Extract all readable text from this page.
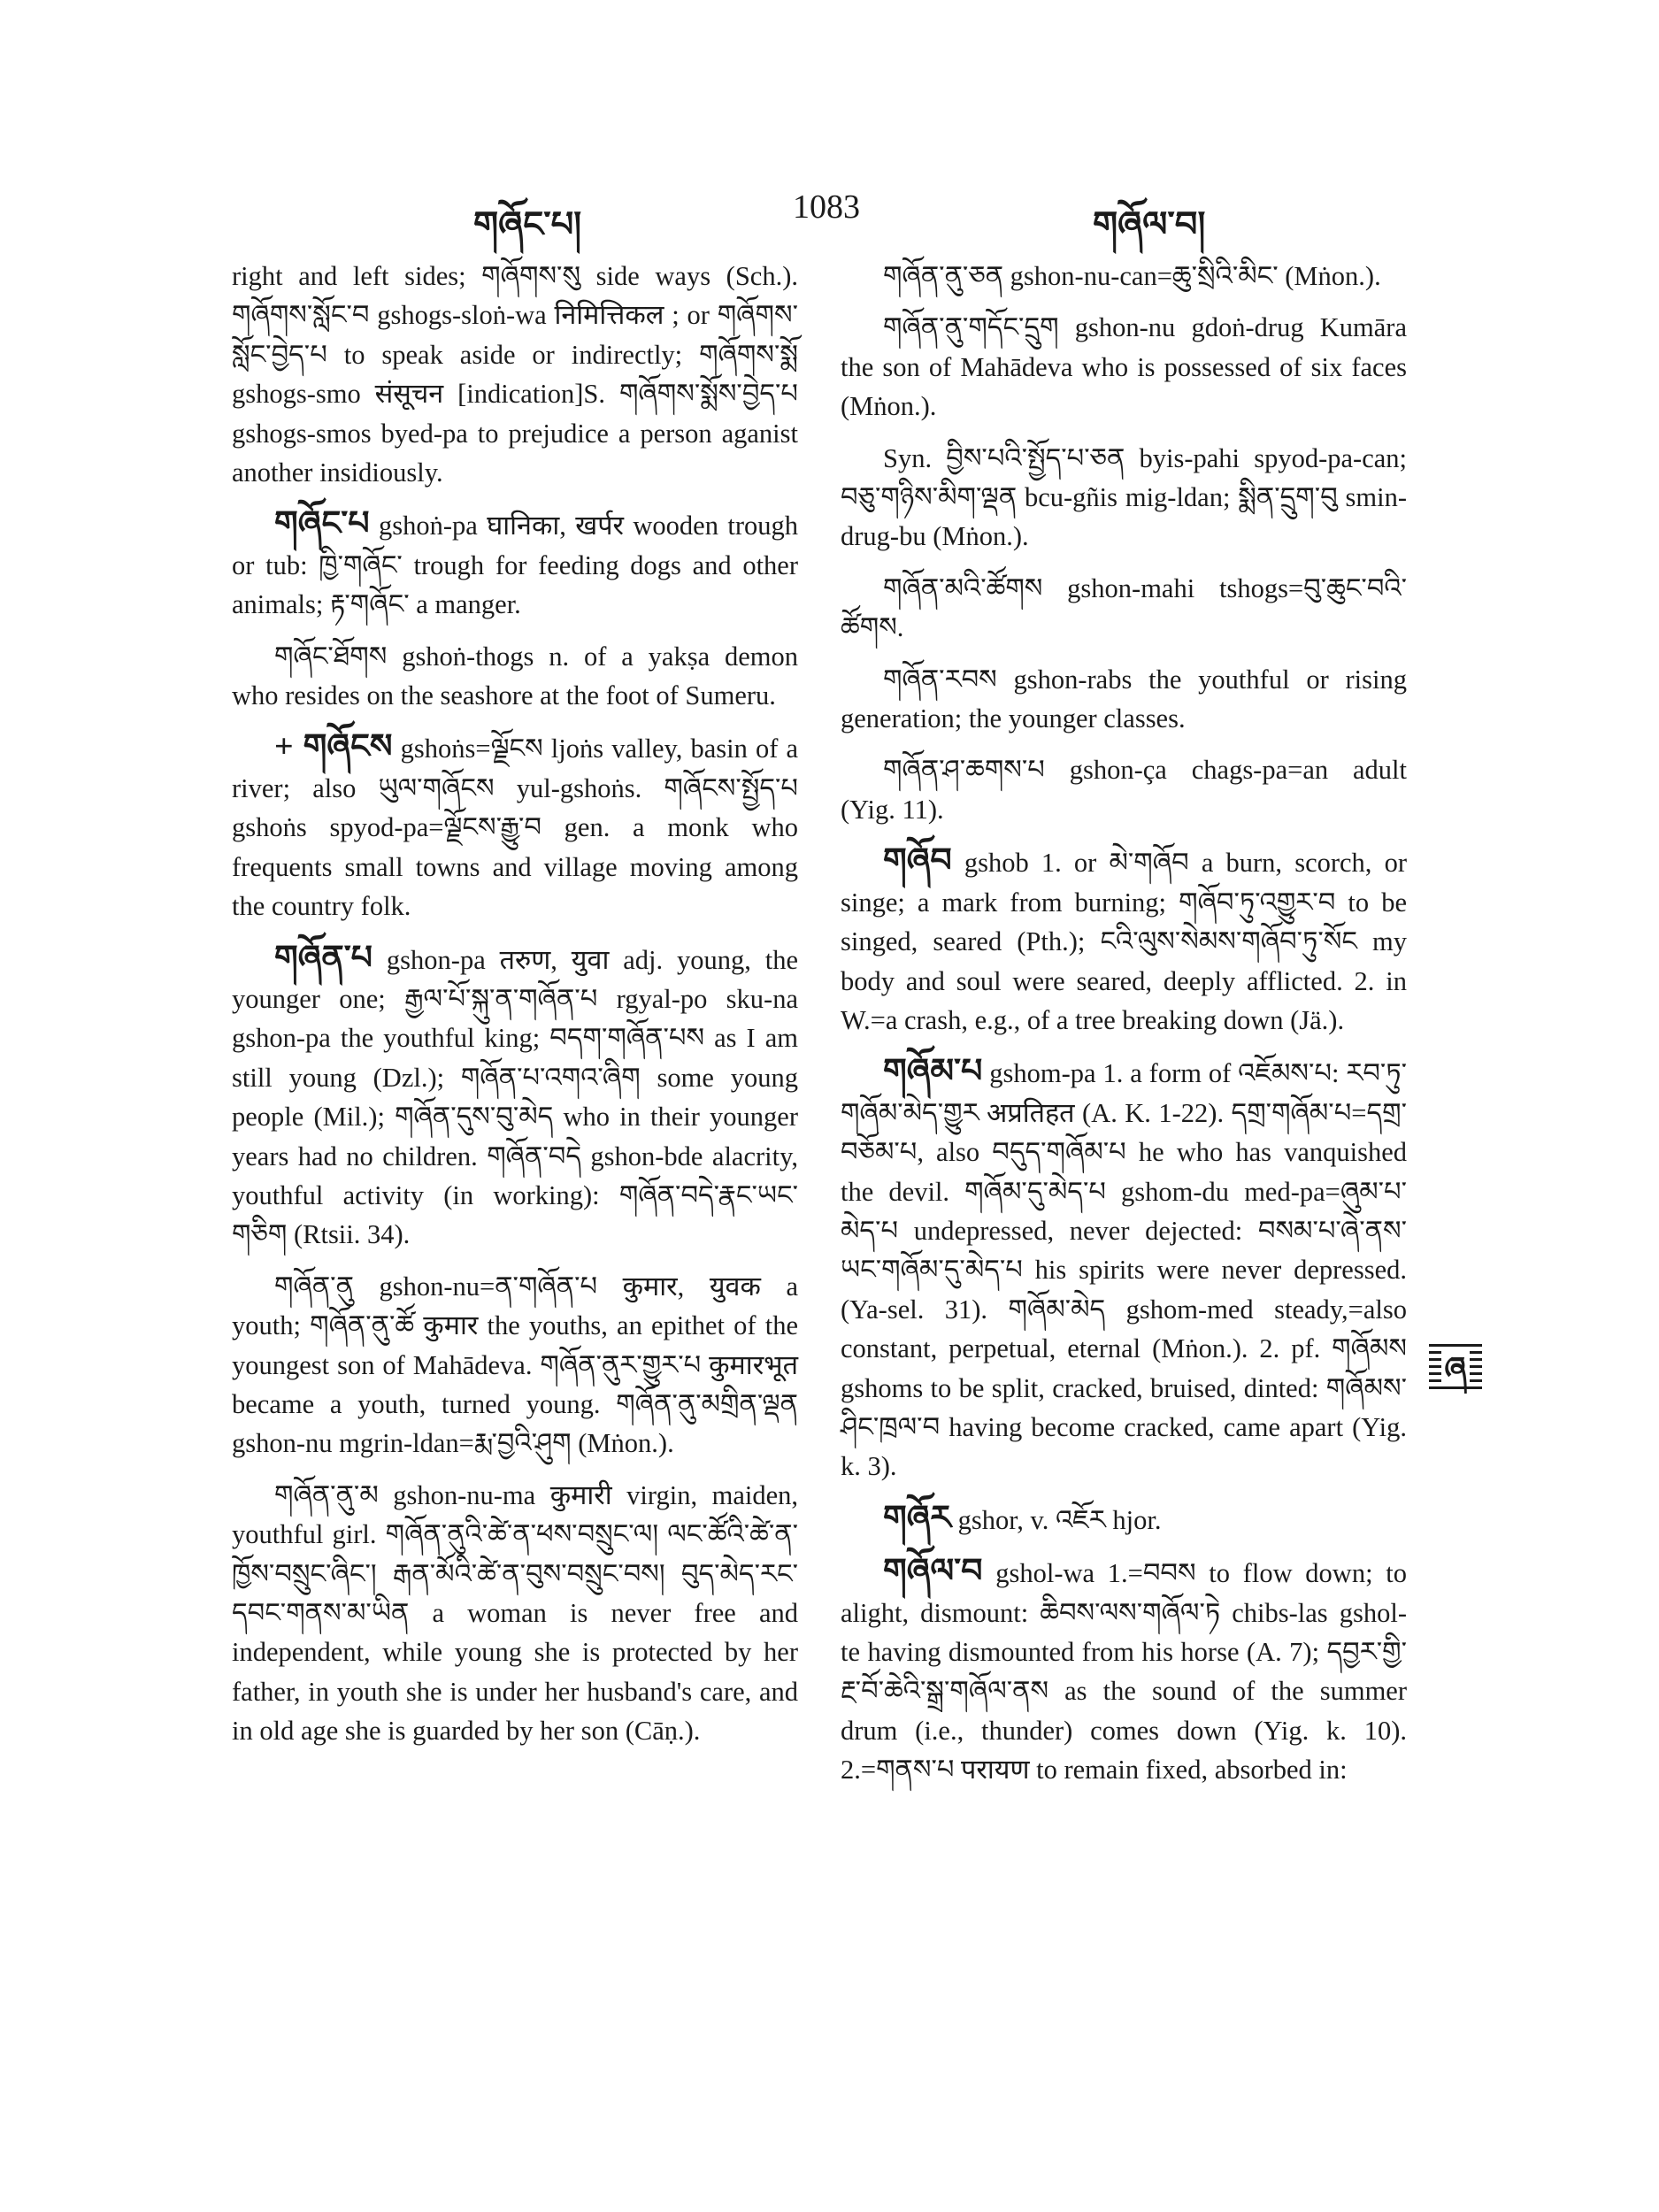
གཞོང་པ།	1083	གཞོལ་བ།

right and left sides; གཞོགས་སུ side ways (Sch.). གཞོགས་སློང་བ gshogs-sloṅ-wa निमित्तिकल ; or གཞོགས་སློང་བྱེད་པ to speak aside or indirectly; གཞོགས་སྨོ gshogs-smo संसूचन [indication]S. གཞོགས་སྨོས་བྱེད་པ gshogs-smos byed-pa to prejudice a person aganist another insidiously.

གཞོང་པ gshoṅ-pa घानिका, खर्पर wooden trough or tub: ཁྱི་གཞོང་ trough for feeding dogs and other animals; རྟ་གཞོང་ a manger.

གཞོང་ཐོགས gshoṅ-thogs n. of a yakṣa demon who resides on the seashore at the foot of Sumeru.

+ གཞོངས gshoṅs=ལྗོངས ljoṅs valley, basin of a river; also ཡུལ་གཞོངས yul-gshoṅs. གཞོངས་སྤྱོད་པ gshoṅs spyod-pa=ལྗོངས་རྒྱུ་བ gen. a monk who frequents small towns and village moving among the country folk.

གཞོན་པ gshon-pa तरुण, युवा adj. young, the younger one; རྒྱལ་པོ་སྐུ་ན་གཞོན་པ rgyal-po sku-na gshon-pa the youthful king; བདག་གཞོན་པས as I am still young (Dzl.); གཞོན་པ་འགའ་ཞིག some young people (Mil.); གཞོན་དུས་བུ་མེད who in their younger years had no children. གཞོན་བདེ gshon-bde alacrity, youthful activity (in working): གཞོན་བདེ་རྣང་ཡང་གཅིག (Rtsii. 34).

གཞོན་ནུ gshon-nu=ན་གཞོན་པ कुमार, युवक a youth; གཞོན་ནུ་ཚོ कुमार the youths, an epithet of the youngest son of Mahādeva. གཞོན་ནུར་གྱུར་པ कुमारभूत became a youth, turned young. གཞོན་ནུ་མགྲིན་ལྡན gshon-nu mgrin-ldan=རྨ་བྱའི་ཤུག (Mṅon.).

གཞོན་ནུ་མ gshon-nu-ma कुमारी virgin, maiden, youthful girl. གཞོན་ནུའི་ཚེ་ན་ཕས་བསྲུང་ལ། ལང་ཚོའི་ཚེ་ན་ཁྱོས་བསྲུང་ཞིང་། རྒན་མོའི་ཚེ་ན་བུས་བསྲུང་བས། བུད་མེད་རང་དབང་གནས་མ་ཡིན a woman is never free and independent, while young she is protected by her father, in youth she is under her husband's care, and in old age she is guarded by her son (Cāṇ.).

གཞོན་ནུ་ཅན gshon-nu-can=ཆུ་སྲིའི་མིང་ (Mṅon.).

གཞོན་ནུ་གདོང་དྲུག gshon-nu gdoṅ-drug Kumāra the son of Mahādeva who is possessed of six faces (Mṅon.).

Syn. བྱིས་པའི་སྤྱོད་པ་ཅན byis-pahi spyod-pa-can; བཅུ་གཉིས་མིག་ལྡན bcu-gñis mig-ldan; སྨིན་དྲུག་བུ smin-drug-bu (Mṅon.).

གཞོན་མའི་ཚོགས gshon-mahi tshogs=བུ་ཆུང་བའི་ཚོགས.

གཞོན་རབས gshon-rabs the youthful or rising generation; the younger classes.

གཞོན་ཤ་ཆགས་པ gshon-ça chags-pa=an adult (Yig. 11).

གཞོབ gshob 1. or མེ་གཞོབ a burn, scorch, or singe; a mark from burning; གཞོབ་ཏུ་འགྱུར་བ to be singed, seared (Pth.); ངའི་ལུས་སེམས་གཞོབ་ཏུ་སོང my body and soul were seared, deeply afflicted. 2. in W.=a crash, e.g., of a tree breaking down (Jä.).

གཞོམ་པ gshom-pa 1. a form of འཇོམས་པ: རབ་ཏུ་གཞོམ་མེད་གྱུར अप्रतिहत (A. K. 1-22). དགྲ་གཞོམ་པ=དགྲ་བཅོམ་པ, also བདུད་གཞོམ་པ he who has vanquished the devil. གཞོམ་དུ་མེད་པ gshom-du med-pa=ཞུམ་པ་མེད་པ undepressed, never dejected: བསམ་པ་ཞེ་ནས་ཡང་གཞོམ་དུ་མེད་པ his spirits were never depressed. (Ya-sel. 31). གཞོམ་མེད gshom-med steady,=also constant, perpetual, eternal (Mṅon.). 2. pf. གཞོམས gshoms to be split, cracked, bruised, dinted: གཞོམས་ཤིང་ཁྲལ་བ having become cracked, came apart (Yig. k. 3).

གཞོར gshor, v. འཇོར hjor.

གཞོལ་བ gshol-wa 1.=བབས to flow down; to alight, dismount: ཆིབས་ལས་གཞོལ་ཏེ chibs-las gshol-te having dismounted from his horse (A. 7); དབྱར་གྱི་རྔ་བོ་ཆེའི་སྒྲ་གཞོལ་ནས as the sound of the summer drum (i.e., thunder) comes down (Yig. k. 10). 2.=གནས་པ परायण to remain fixed, absorbed in:

ཞ
